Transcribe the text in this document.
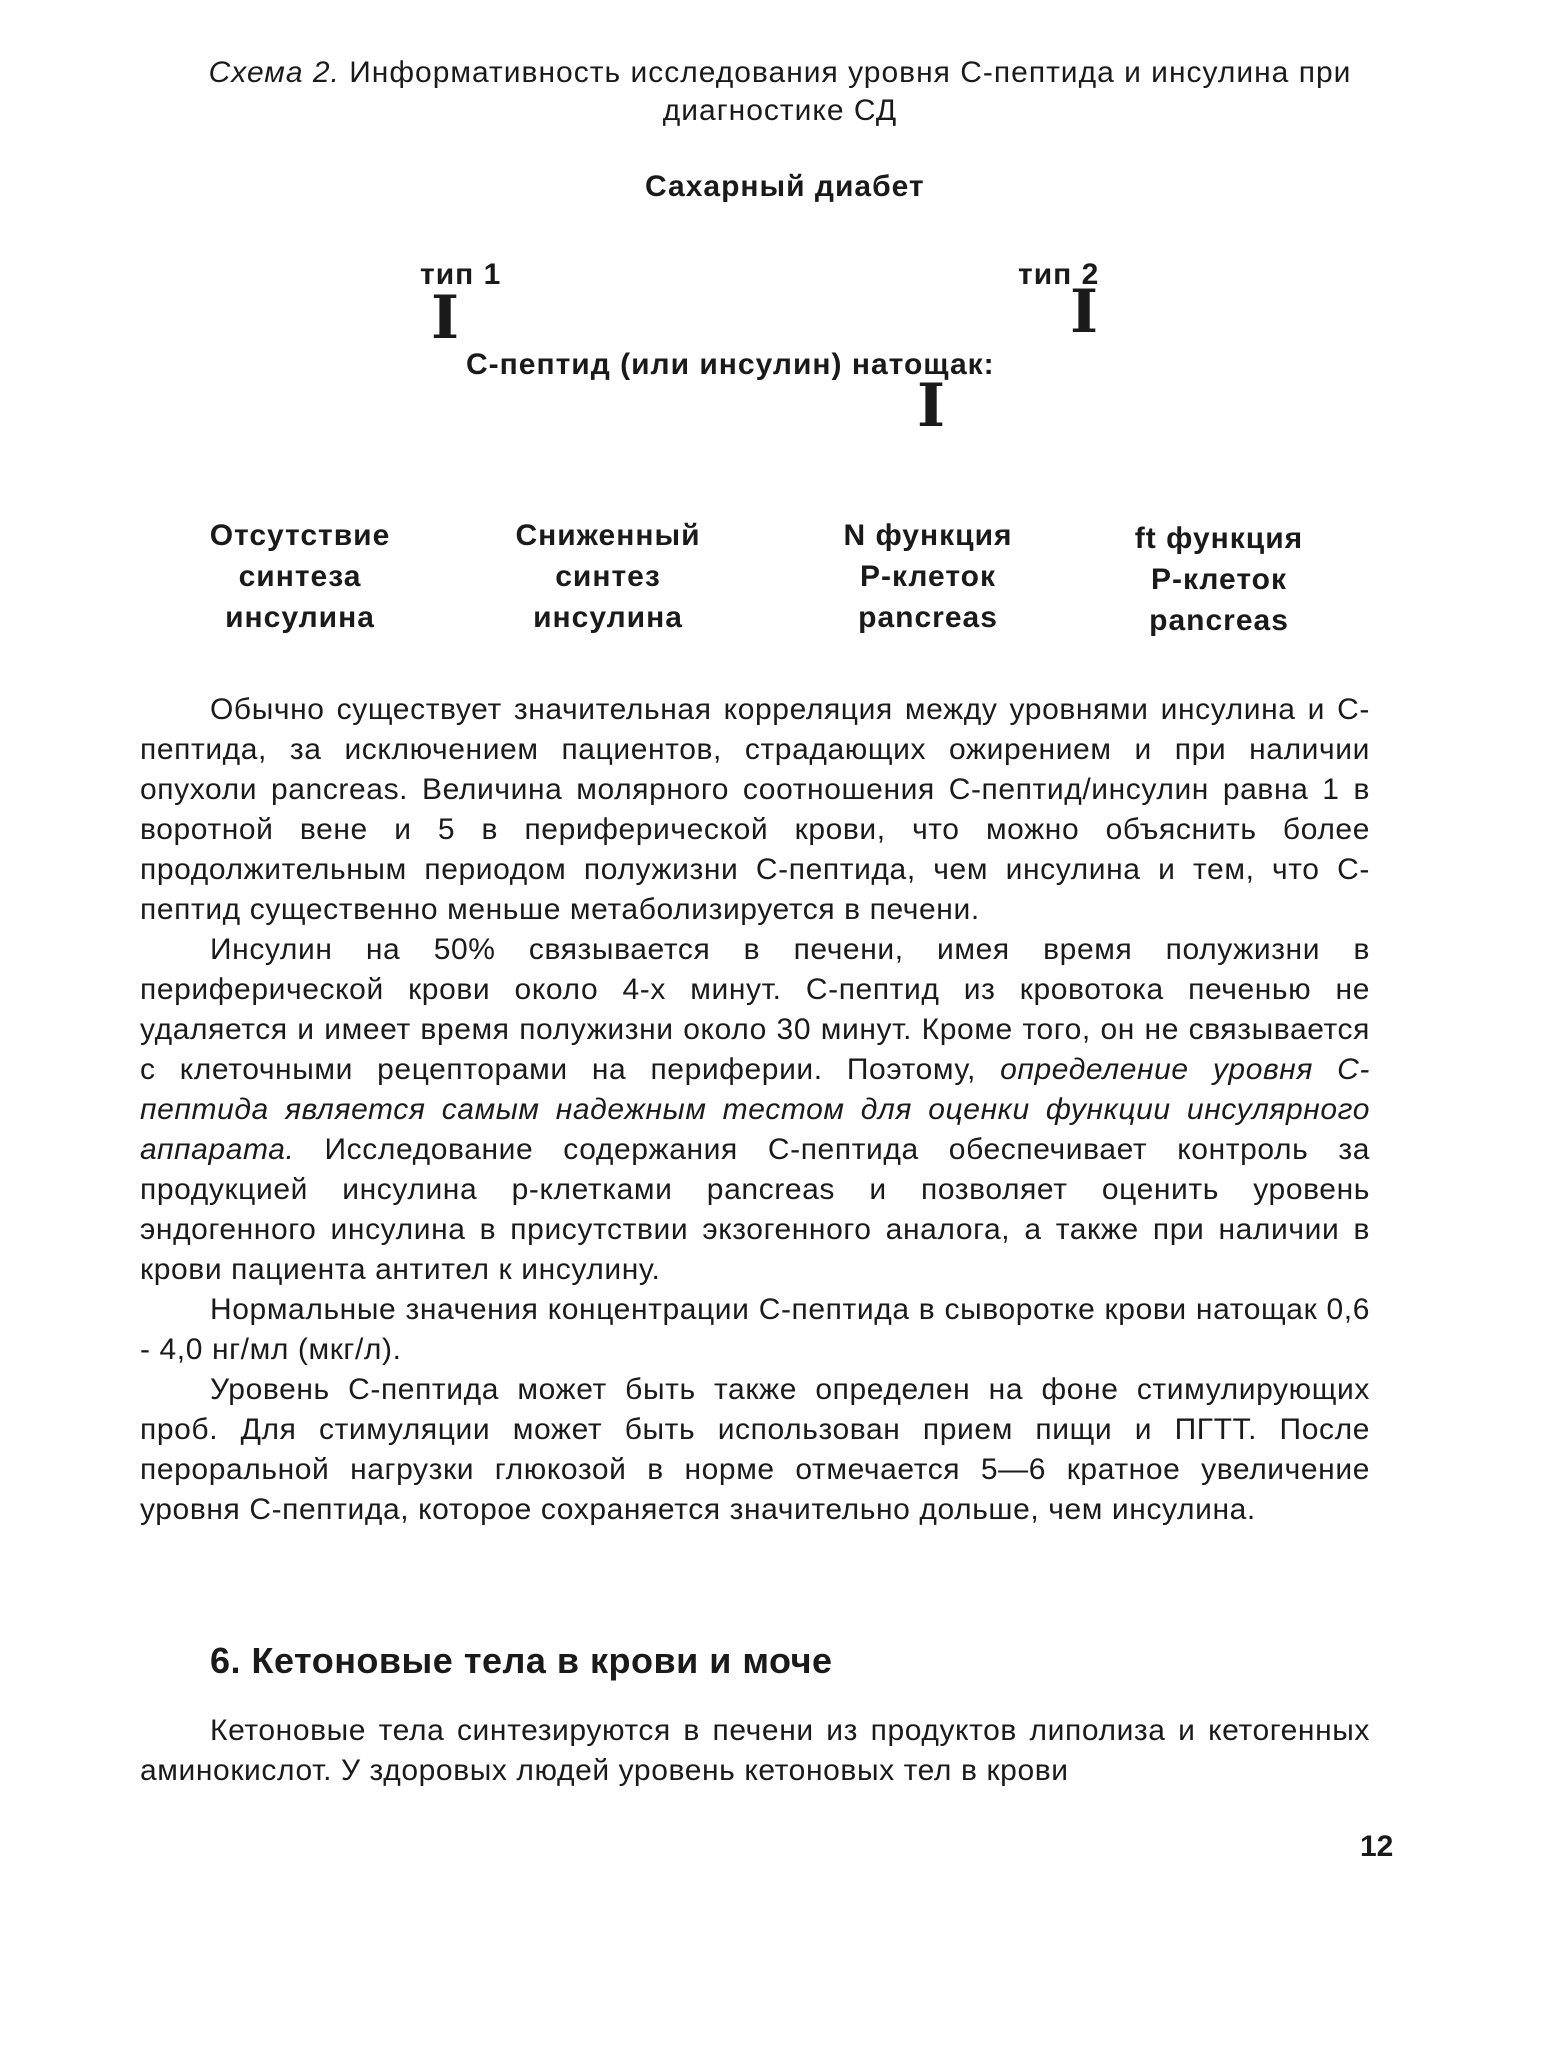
Схема 2. Информативность исследования уровня С-пептида и инсулина при диагностике СД
Сахарный диабет
тип 1	тип 2
I	I
С-пептид (или инсулин) натощак:
I
Отсутствие
синтеза
инсулина
Сниженный
синтез
инсулина
N функция
Р-клеток
pancreas
ft функция
Р-клеток
pancreas

Обычно существует значительная корреляция между уровнями инсулина и С-пептида, за исключением пациентов, страдающих ожирением и при наличии опухоли pancreas. Величина молярного соотношения С-пептид/инсулин равна 1 в воротной вене и 5 в периферической крови, что можно объяснить более продолжительным периодом полужизни С-пептида, чем инсулина и тем, что С-пептид существенно меньше метаболизируется в печени.

Инсулин на 50% связывается в печени, имея время полужизни в периферической крови около 4-х минут. С-пептид из кровотока печенью не удаляется и имеет время полужизни около 30 минут. Кроме того, он не связывается с клеточными рецепторами на периферии. Поэтому, определение уровня С-пептида является самым надежным тестом для оценки функции инсулярного аппарата. Исследование содержания С-пептида обеспечивает контроль за продукцией инсулина р-клетками pancreas и позволяет оценить уровень эндогенного инсулина в присутствии экзогенного аналога, а также при наличии в крови пациента антител к инсулину.

Нормальные значения концентрации С-пептида в сыворотке крови натощак 0,6 - 4,0 нг/мл (мкг/л).

Уровень С-пептида может быть также определен на фоне стимулирующих проб. Для стимуляции может быть использован прием пищи и ПГТТ. После пероральной нагрузки глюкозой в норме отмечается 5—6 кратное увеличение уровня С-пептида, которое сохраняется значительно дольше, чем инсулина.

6. Кетоновые тела в крови и моче

Кетоновые тела синтезируются в печени из продуктов липолиза и кетогенных аминокислот. У здоровых людей уровень кетоновых тел в крови

12
